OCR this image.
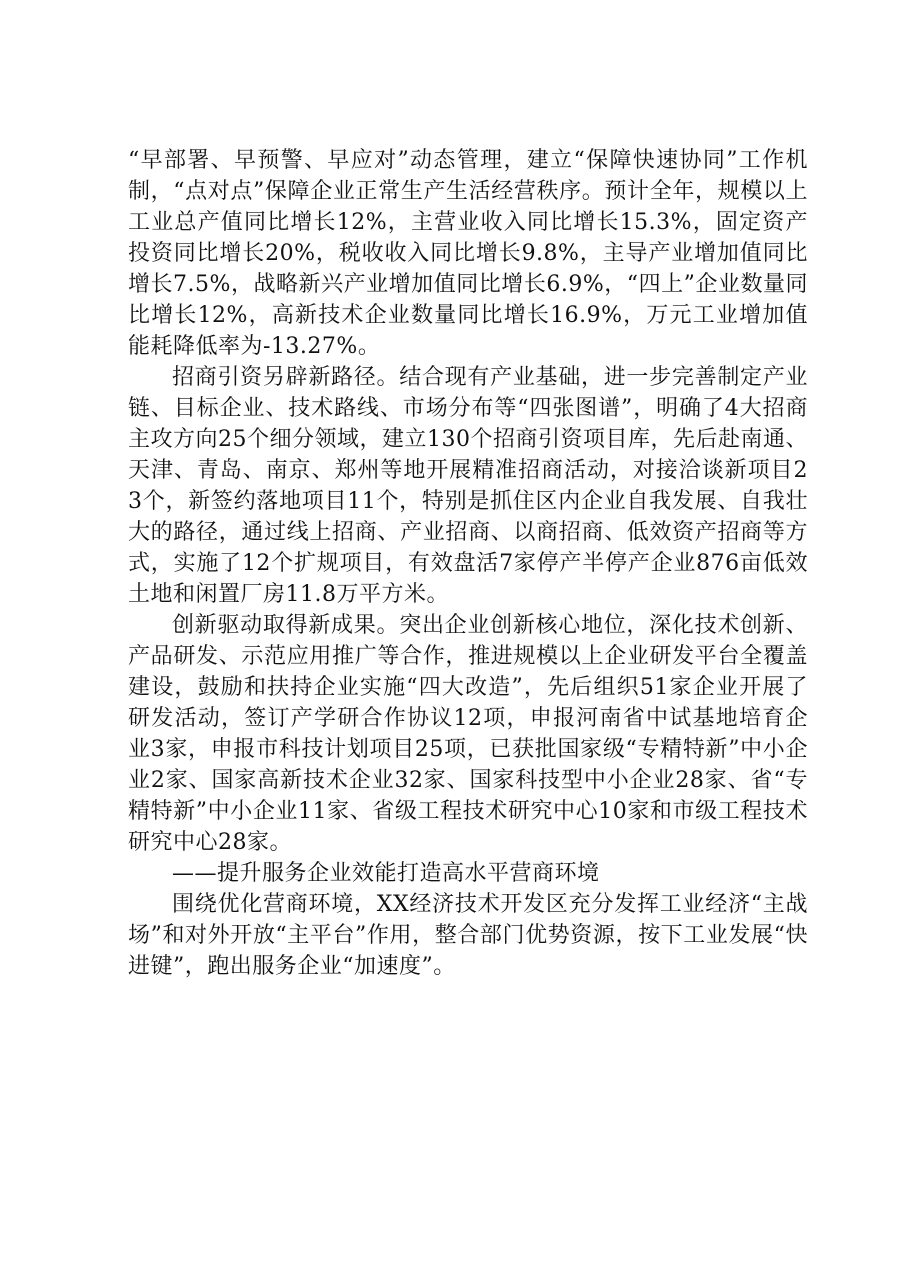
“早部署、早预警、早应对”动态管理，建立“保障快速协同”工作机制，“点对点”保障企业正常生产生活经营秩序。预计全年，规模以上工业总产值同比增长12%，主营业收入同比增长15.3%，固定资产投资同比增长20%，税收收入同比增长9.8%，主导产业增加值同比增长7.5%，战略新兴产业增加值同比增长6.9%，“四上”企业数量同比增长12%，高新技术企业数量同比增长16.9%，万元工业增加值能耗降低率为-13.27%。

招商引资另辟新路径。结合现有产业基础，进一步完善制定产业链、目标企业、技术路线、市场分布等“四张图谱”，明确了4大招商主攻方向25个细分领域，建立130个招商引资项目库，先后赴南通、天津、青岛、南京、郑州等地开展精准招商活动，对接洽谈新项目23个，新签约落地项目11个，特别是抓住区内企业自我发展、自我壮大的路径，通过线上招商、产业招商、以商招商、低效资产招商等方式，实施了12个扩规项目，有效盘活7家停产半停产企业876亩低效土地和闲置厂房11.8万平方米。

创新驱动取得新成果。突出企业创新核心地位，深化技术创新、产品研发、示范应用推广等合作，推进规模以上企业研发平台全覆盖建设，鼓励和扶持企业实施“四大改造”，先后组织51家企业开展了研发活动，签订产学研合作协议12项，申报河南省中试基地培育企业3家，申报市科技计划项目25项，已获批国家级“专精特新”中小企业2家、国家高新技术企业32家、国家科技型中小企业28家、省“专精特新”中小企业11家、省级工程技术研究中心10家和市级工程技术研究中心28家。

——提升服务企业效能打造高水平营商环境

围绕优化营商环境，XX经济技术开发区充分发挥工业经济“主战场”和对外开放“主平台”作用，整合部门优势资源，按下工业发展“快进键”，跑出服务企业“加速度”。
